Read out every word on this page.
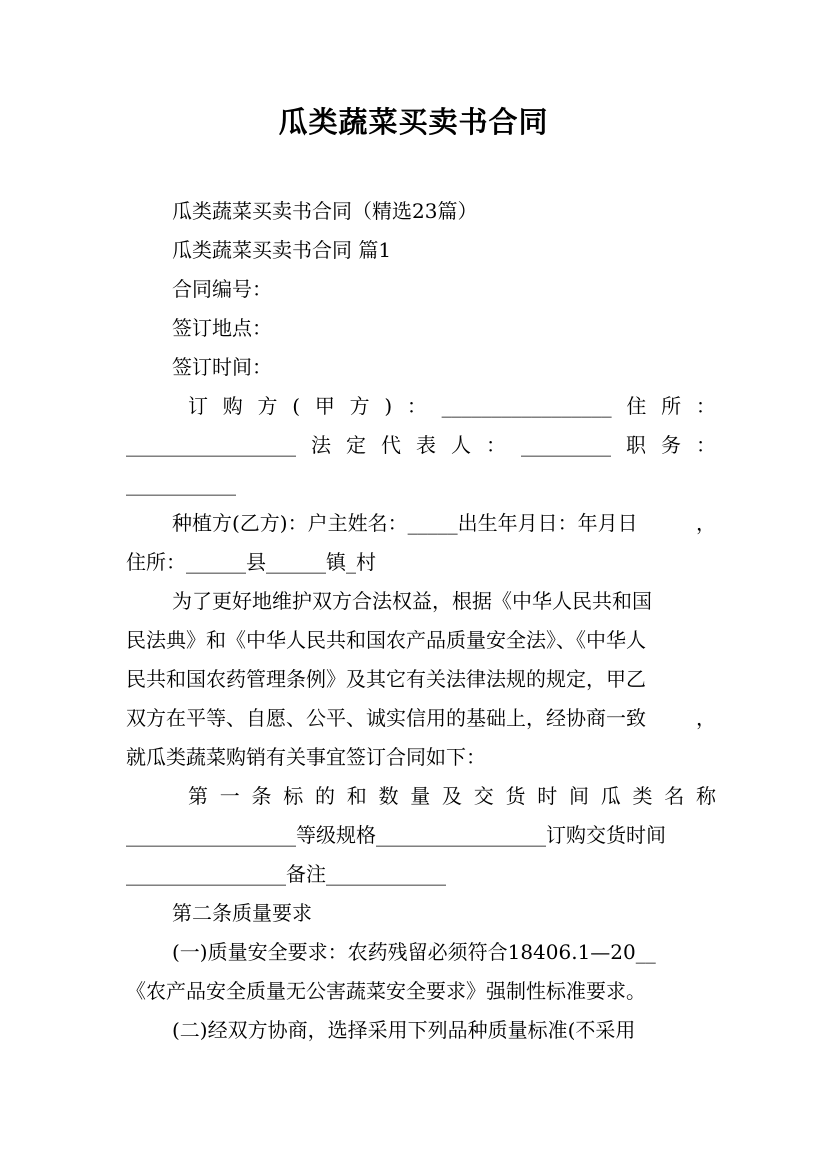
瓜类蔬菜买卖书合同
瓜类蔬菜买卖书合同（精选23篇）
瓜类蔬菜买卖书合同 篇1
合同编号：
签订地点：
签订时间：
订 购 方 ( 甲 方 ) ： _________________ 住 所 ：
_________________ 法 定 代 表 人 ： _________ 职 务 ：
___________
种植方(乙方)：户主姓名：_____出生年月日：年月日	，
住所：______县______镇_村
为了更好地维护双方合法权益，根据《中华人民共和国
民法典》和《中华人民共和国农产品质量安全法》、《中华人
民共和国农药管理条例》及其它有关法律法规的规定，甲乙
双方在平等、自愿、公平、诚实信用的基础上，经协商一致	，
就瓜类蔬菜购销有关事宜签订合同如下：
第 一 条 标 的 和 数 量 及 交 货 时 间 瓜 类 名 称
_________________等级规格_________________订购交货时间
________________备注____________
第二条质量要求
(一)质量安全要求：农药残留必须符合18406.1—20__
《农产品安全质量无公害蔬菜安全要求》强制性标准要求。
(二)经双方协商，选择采用下列品种质量标准(不采用
